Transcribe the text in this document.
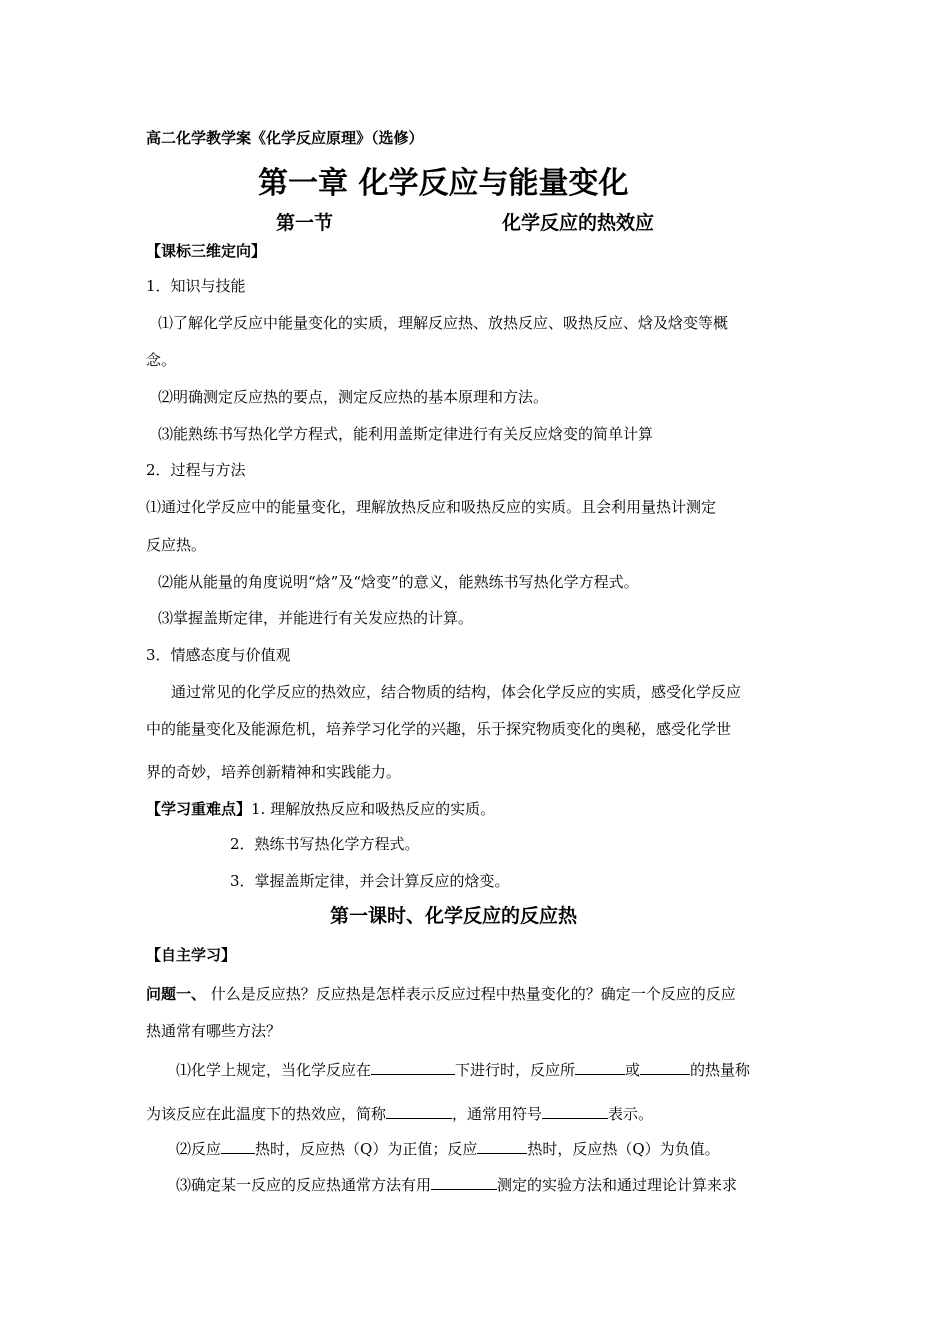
高二化学教学案《化学反应原理》（选修）
第一章 化学反应与能量变化
第一节	化学反应的热效应
【课标三维定向】
1．知识与技能
⑴了解化学反应中能量变化的实质，理解反应热、放热反应、吸热反应、焓及焓变等概
念。
⑵明确测定反应热的要点，测定反应热的基本原理和方法。
⑶能熟练书写热化学方程式，能利用盖斯定律进行有关反应焓变的简单计算
2．过程与方法
⑴通过化学反应中的能量变化，理解放热反应和吸热反应的实质。且会利用量热计测定
反应热。
⑵能从能量的角度说明“焓”及“焓变”的意义，能熟练书写热化学方程式。
⑶掌握盖斯定律，并能进行有关发应热的计算。
3．情感态度与价值观
通过常见的化学反应的热效应，结合物质的结构，体会化学反应的实质，感受化学反应
中的能量变化及能源危机，培养学习化学的兴趣，乐于探究物质变化的奥秘，感受化学世
界的奇妙，培养创新精神和实践能力。
【学习重难点】1. 理解放热反应和吸热反应的实质。
2．熟练书写热化学方程式。
3．掌握盖斯定律，并会计算反应的焓变。
第一课时、化学反应的反应热
【自主学习】
问题一、 什么是反应热？反应热是怎样表示反应过程中热量变化的？确定一个反应的反应
热通常有哪些方法？
⑴化学上规定，当化学反应在	下进行时，反应所	或	的热量称
为该反应在此温度下的热效应，简称	，通常用符号	表示。
⑵反应 热时，反应热（Q）为正值；反应	热时，反应热（Q）为负值。
⑶确定某一反应的反应热通常方法有用	测定的实验方法和通过理论计算来求
